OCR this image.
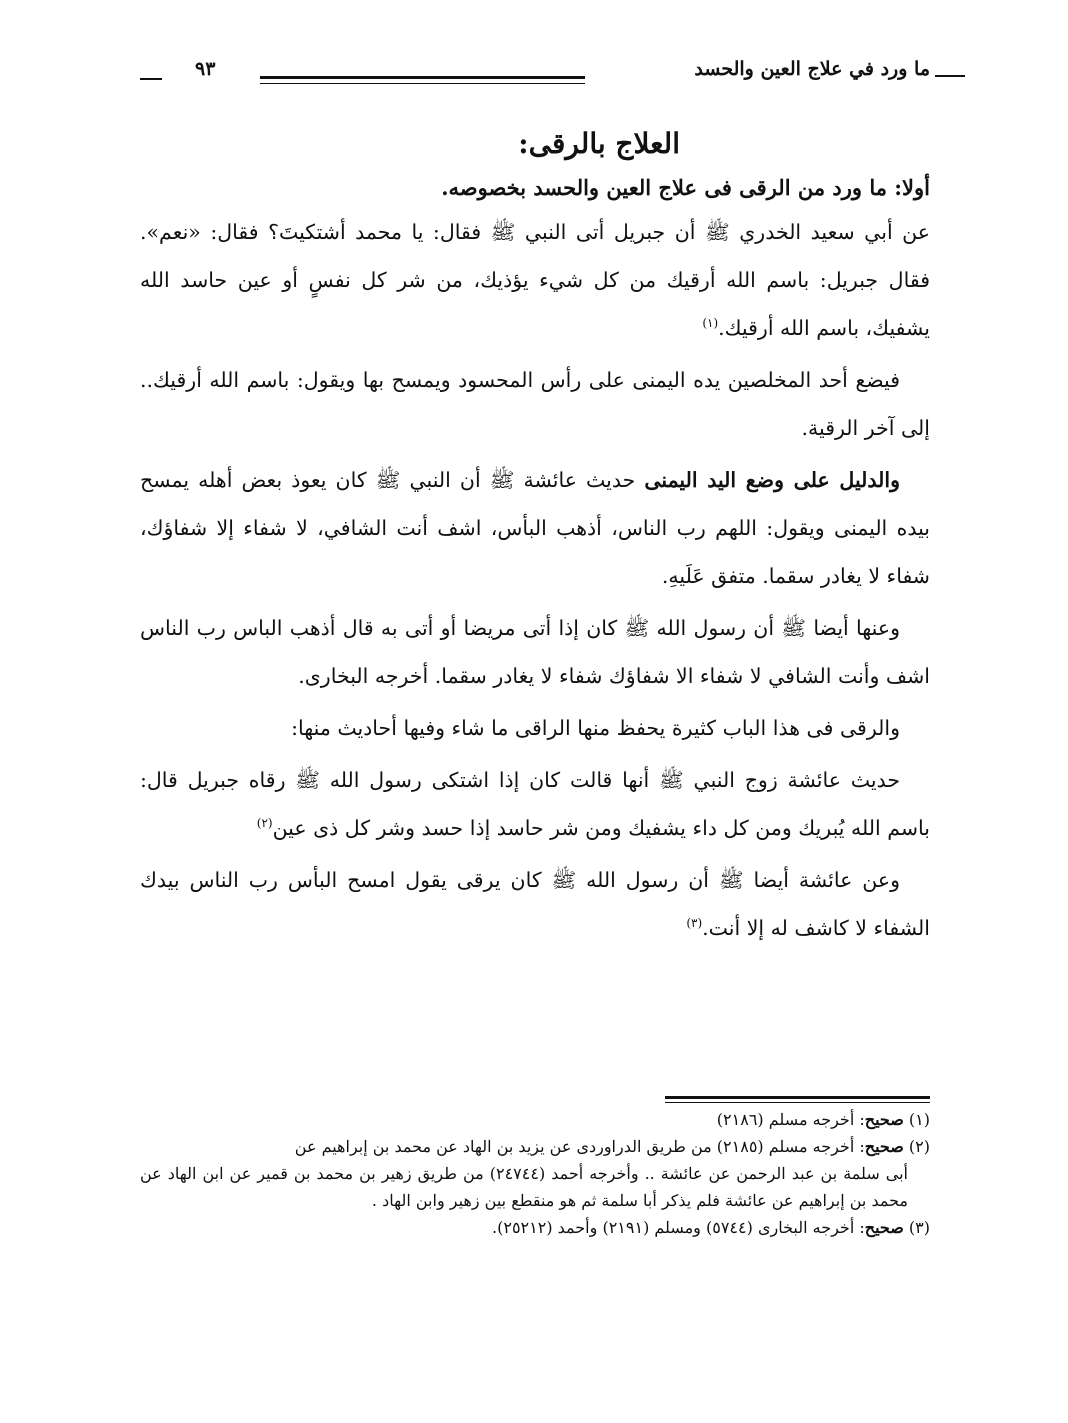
ما ورد في علاج العين والحسد
٩٣
العلاج بالرقى:
أولا: ما ورد من الرقى فى علاج العين والحسد بخصوصه.

عن أبي سعيد الخدري ﷺ أن جبريل أتى النبي ﷺ فقال: يا محمد أشتكيتَ؟ فقال: «نعم». فقال جبريل: باسم الله أرقيك من كل شيء يؤذيك، من شر كل نفسٍ أو عين حاسد الله يشفيك، باسم الله أرقيك.$^{(١)}$

فيضع أحد المخلصين يده اليمنى على رأس المحسود ويمسح بها ويقول: باسم الله أرقيك.. إلى آخر الرقية.

والدليل على وضع اليد اليمنى حديث عائشة ﷺ أن النبي ﷺ كان يعوذ بعض أهله يمسح بيده اليمنى ويقول: اللهم رب الناس، أذهب البأس، اشف أنت الشافي، لا شفاء إلا شفاؤك، شفاء لا يغادر سقما. متفق عَلَيهِ.

وعنها أيضا ﷺ أن رسول الله ﷺ كان إذا أتى مريضا أو أتى به قال أذهب الباس رب الناس اشف وأنت الشافي لا شفاء الا شفاؤك شفاء لا يغادر سقما. أخرجه البخارى.

والرقى فى هذا الباب كثيرة يحفظ منها الراقى ما شاء وفيها أحاديث منها:

حديث عائشة زوج النبي ﷺ أنها قالت كان إذا اشتكى رسول الله ﷺ رقاه جبريل قال: باسم الله يُبريك ومن كل داء يشفيك ومن شر حاسد إذا حسد وشر كل ذى عين$^{(٢)}$

وعن عائشة أيضا ﷺ أن رسول الله ﷺ كان يرقى يقول امسح البأس رب الناس بيدك الشفاء لا كاشف له إلا أنت.$^{(٣)}$

(١) صحيح: أخرجه مسلم (٢١٨٦)

(٢) صحيح: أخرجه مسلم (٢١٨٥) من طريق الدراوردى عن يزيد بن الهاد عن محمد بن إبراهيم عن
أبى سلمة بن عبد الرحمن عن عائشة .. وأخرجه أحمد (٢٤٧٤٤) من طريق زهير بن محمد بن قمير عن ابن الهاد عن محمد بن إبراهيم عن عائشة فلم يذكر أبا سلمة ثم هو منقطع بين زهير وابن الهاد .

(٣) صحيح: أخرجه البخارى (٥٧٤٤) ومسلم (٢١٩١) وأحمد (٢٥٢١٢).
